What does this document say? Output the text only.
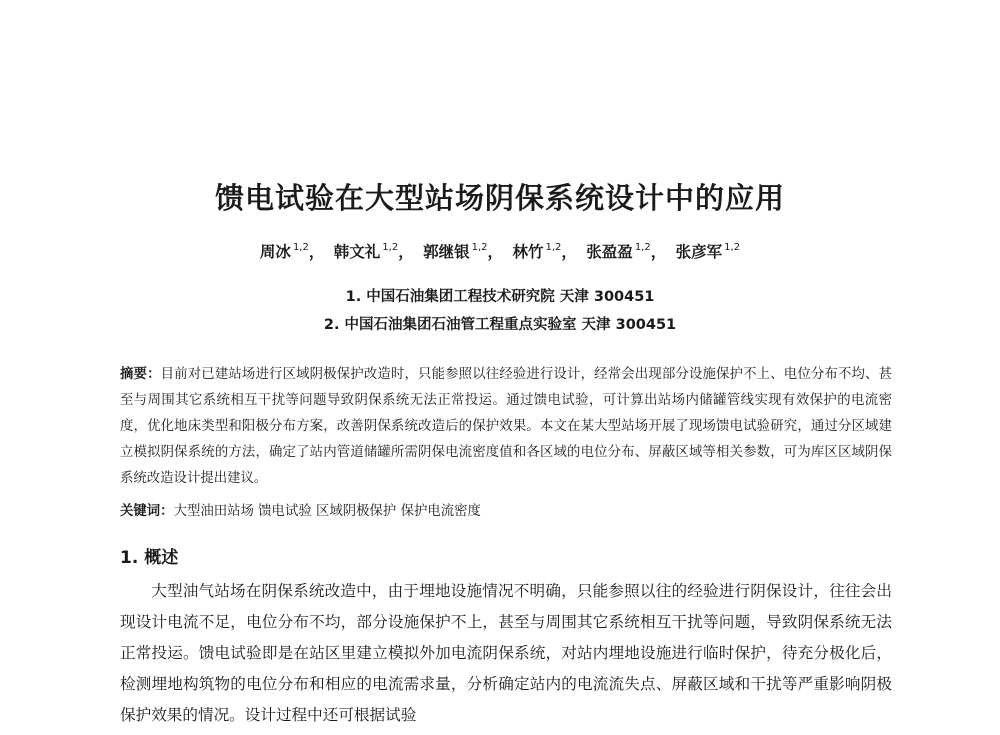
馈电试验在大型站场阴保系统设计中的应用
周冰 $^{1,2}$， 韩文礼 $^{1,2}$， 郭继银 $^{1,2}$， 林竹 $^{1,2}$， 张盈盈 $^{1,2}$， 张彦军 $^{1,2}$
1. 中国石油集团工程技术研究院 天津 300451
2. 中国石油集团石油管工程重点实验室 天津 300451

摘要：目前对已建站场进行区域阴极保护改造时，只能参照以往经验进行设计，经常会出现部分设施保护不上、电位分布不均、甚至与周围其它系统相互干扰等问题导致阴保系统无法正常投运。通过馈电试验，可计算出站场内储罐管线实现有效保护的电流密度，优化地床类型和阳极分布方案，改善阴保系统改造后的保护效果。本文在某大型站场开展了现场馈电试验研究，通过分区域建立模拟阴保系统的方法，确定了站内管道储罐所需阴保电流密度值和各区域的电位分布、屏蔽区域等相关参数，可为库区区域阴保系统改造设计提出建议。

关键词：大型油田站场 馈电试验 区域阴极保护 保护电流密度

1. 概述

大型油气站场在阴保系统改造中，由于埋地设施情况不明确，只能参照以往的经验进行阴保设计，往往会出现设计电流不足，电位分布不均，部分设施保护不上，甚至与周围其它系统相互干扰等问题，导致阴保系统无法正常投运。馈电试验即是在站区里建立模拟外加电流阴保系统，对站内埋地设施进行临时保护，待充分极化后，检测埋地构筑物的电位分布和相应的电流需求量，分析确定站内的电流流失点、屏蔽区域和干扰等严重影响阴极保护效果的情况。设计过程中还可根据试验
